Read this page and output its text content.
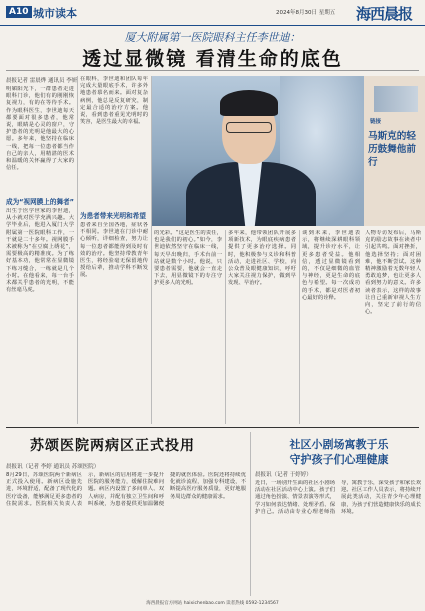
A10 城市读本	2024年8月30日 星期五 海西晨报
厦大附属第一医院眼科主任李世迪：
透过显微镜 看清生命的底色
晨报记者 雷晨烨 通讯员 李妍
明媚阳光下，一群患者走进眼科门诊，他们有的刚刚恢复视力，有的在等待手术。作为眼科医生，李世迪每天都要面对很多患者，他常说，眼睛是心灵的窗户，守护患者的光明是他最大的心愿。多年来，他坚持在临床一线，把每一位患者都当作自己的亲人，用精湛的医术和温暖的关怀赢得了大家的信任。
成为“视网膜上的舞者”
出生于医学世家的李世迪，从小就对医学充满兴趣。大学毕业后，他进入厦门大学附属第一医院眼科工作，一干就是二十多年。视网膜手术被称为“在豆腐上绣花”，需要极高的精准度。为了练好基本功，他常常在显微镜下练习缝合，一练就是几个小时。在他看来，每一台手术都关乎患者的光明，不能有丝毫马虎。
在眼科，李世迪和团队每年完成大量眼底手术，许多外地患者慕名而来。面对复杂病例，他总是反复研究，制定最合适的治疗方案。他说，看到患者重见光明时的笑容，是医生最大的幸福。
为患者带来光明和希望
患者来自全国各地，症状各不相同。李世迪在门诊中耐心倾听，详细检查，努力让每一位患者都能得到及时有效的治疗。他坚持带教青年医生，将经验毫无保留地传授给后辈，推动学科不断发展。
链接
马斯克的轻历鼓舞他前行
的光彩。“这是医生的责任，也是我们的初心。”如今，李世迪依然坚守在临床一线，每天早出晚归，手术台前一站就是数个小时。他说，只要患者需要，他就会一直走下去，用显微镜下的专注守护更多人的光明。
多年来，他带领团队开展多项新技术，为眼底疾病患者提供了更多治疗选择。同时，他积极参与义诊和科普活动，走进社区、学校，向公众普及眼健康知识，呼吁大家关注视力保护，做到早发现、早治疗。
谈到未来，李世迪表示，将继续深耕眼科领域，提升诊疗水平，让更多患者受益。他相信，透过显微镜看到的，不仅是细微的血管与神经，更是生命的底色与希望。每一次成功的手术，都是对医者初心最好的诠释。
人物专访发布后，马斯克的励志故事在读者中引起共鸣。面对挫折，他选择坚持；面对困难，他不断尝试。这种精神激励着无数年轻人勇敢追梦，也让更多人看到努力的意义。许多读者表示，这样的故事让自己重新审视人生方向，坚定了前行的信心。
苏颂医院两病区正式投用
晨报讯（记者 李婷 通讯员 苏颂医院）
8月29日，苏颂医院两个新病区正式投入使用。新病区设施先进，环境舒适，配备了现代化的医疗设备，能够满足更多患者的住院需求。医院相关负责人表示，新病区的启用将进一步提升医院的服务能力，缓解住院难问题。病区内设置了多间单人、双人病房，并配有独立卫生间和呼叫系统，为患者提供更加温馨便捷的就医体验。医院还将持续优化就诊流程，加强专科建设，不断提高医疗服务质量，更好地服务周边群众的健康需求。
社区小剧场寓教于乐
守护孩子们心理健康
晨报讯（记者 于婷婷）
近日，一场别开生面的社区小剧场活动在社区活动中心上演。孩子们通过角色扮演、情景表演等形式，学习如何表达情绪、处理矛盾、保护自己。活动由专业心理老师指导，寓教于乐，深受孩子和家长欢迎。社区工作人员表示，将持续开展此类活动，关注青少年心理健康，为孩子们营造健康快乐的成长环境。
海西晨报官方网站 haixichenbao.com 读者热线 0592-1234567
